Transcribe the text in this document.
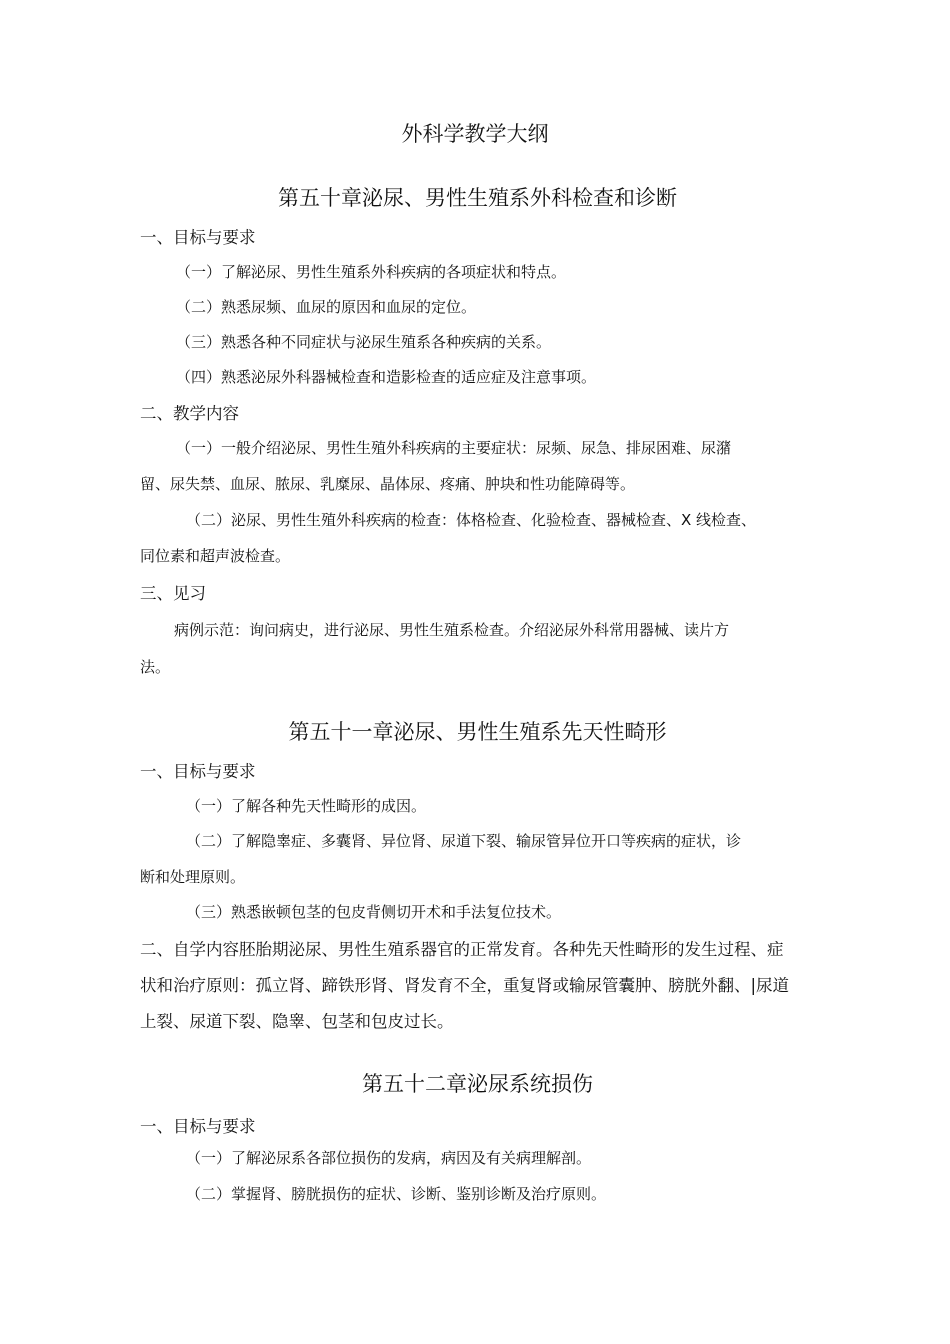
外科学教学大纲
第五十章泌尿、男性生殖系外科检查和诊断
一、目标与要求
（一）了解泌尿、男性生殖系外科疾病的各项症状和特点。
（二）熟悉尿频、血尿的原因和血尿的定位。
（三）熟悉各种不同症状与泌尿生殖系各种疾病的关系。
（四）熟悉泌尿外科器械检查和造影检查的适应症及注意事项。
二、教学内容
（一）一般介绍泌尿、男性生殖外科疾病的主要症状：尿频、尿急、排尿困难、尿潴
留、尿失禁、血尿、脓尿、乳糜尿、晶体尿、疼痛、肿块和性功能障碍等。
（二）泌尿、男性生殖外科疾病的检查：体格检查、化验检查、器械检查、X 线检查、
同位素和超声波检查。
三、见习
病例示范：询问病史，进行泌尿、男性生殖系检查。介绍泌尿外科常用器械、读片方
法。
第五十一章泌尿、男性生殖系先天性畸形
一、目标与要求
（一）了解各种先天性畸形的成因。
（二）了解隐睾症、多囊肾、异位肾、尿道下裂、输尿管异位开口等疾病的症状，诊
断和处理原则。
（三）熟悉嵌顿包茎的包皮背侧切开术和手法复位技术。
二、自学内容胚胎期泌尿、男性生殖系器官的正常发育。各种先天性畸形的发生过程、症
状和治疗原则：孤立肾、蹄铁形肾、肾发育不全，重复肾或输尿管囊肿、膀胱外翻、|尿道
上裂、尿道下裂、隐睾、包茎和包皮过长。
第五十二章泌尿系统损伤
一、目标与要求
（一）了解泌尿系各部位损伤的发病，病因及有关病理解剖。
（二）掌握肾、膀胱损伤的症状、诊断、鉴别诊断及治疗原则。
